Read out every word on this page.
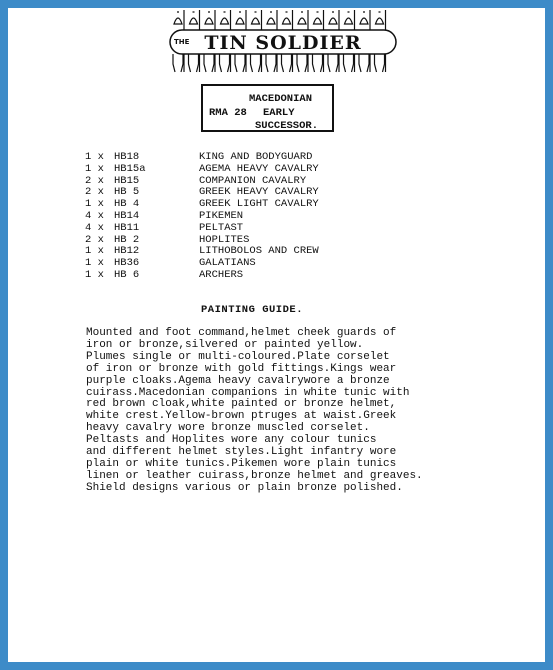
THE TIN SOLDIER
MACEDONIAN
RMA 28 EARLY
SUCCESSOR.
1 x HB18	KING AND BODYGUARD
1 x HB15a	AGEMA HEAVY CAVALRY
2 x HB15	COMPANION CAVALRY
2 x HB 5	GREEK HEAVY CAVALRY
1 x HB 4	GREEK LIGHT CAVALRY
4 x HB14	PIKEMEN
4 x HB11	PELTAST
2 x HB 2	HOPLITES
1 x HB12	LITHOBOLOS AND CREW
1 x HB36	GALATIANS
1 x HB 6	ARCHERS
PAINTING GUIDE.
Mounted and foot command,helmet cheek guards of
iron or bronze,silvered or painted yellow.
Plumes single or multi-coloured.Plate corselet
of iron or bronze with gold fittings.Kings wear
purple cloaks.Agema heavy cavalrywore a bronze
cuirass.Macedonian companions in white tunic with
red brown cloak,white painted or bronze helmet,
white crest.Yellow-brown ptruges at waist.Greek
heavy cavalry wore bronze muscled corselet.
Peltasts and Hoplites wore any colour tunics
and different helmet styles.Light infantry wore
plain or white tunics.Pikemen wore plain tunics
linen or leather cuirass,bronze helmet and greaves.
Shield designs various or plain bronze polished.
